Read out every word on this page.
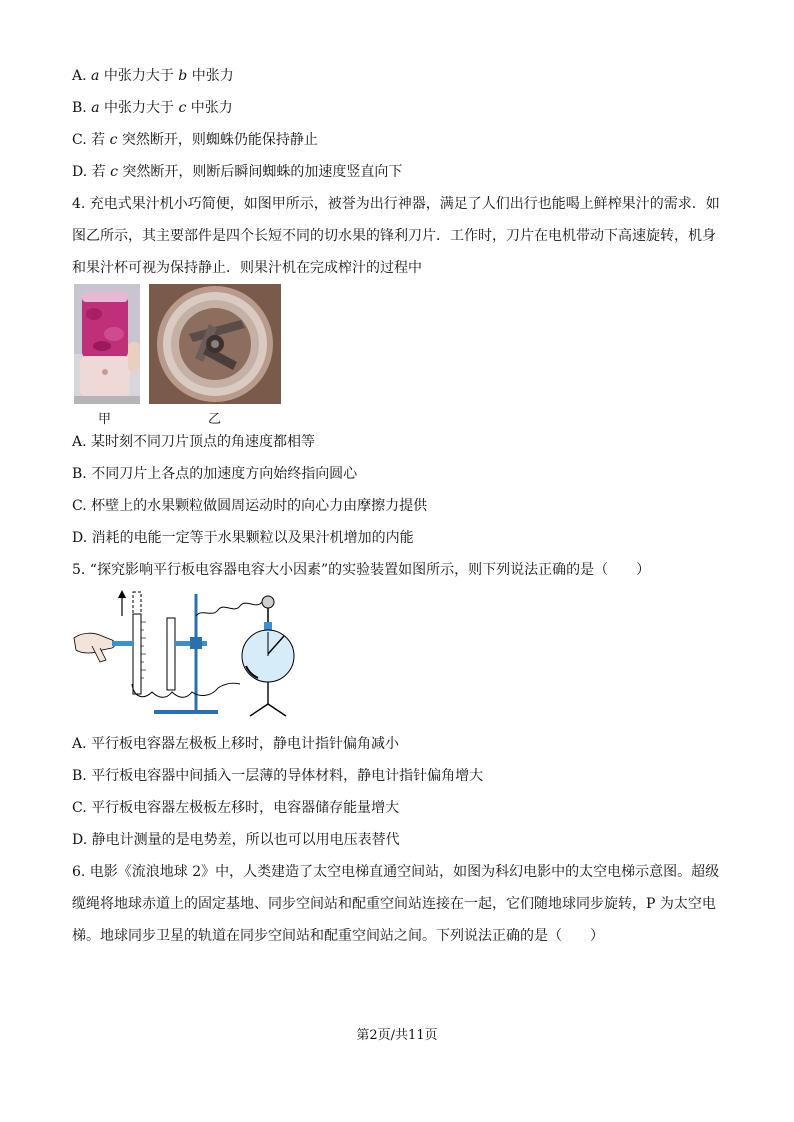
A. a 中张力大于 b 中张力
B. a 中张力大于 c 中张力
C. 若 c 突然断开，则蜘蛛仍能保持静止
D. 若 c 突然断开，则断后瞬间蜘蛛的加速度竖直向下
4. 充电式果汁机小巧简便，如图甲所示，被誉为出行神器，满足了人们出行也能喝上鲜榨果汁的需求．如
图乙所示，其主要部件是四个长短不同的切水果的锋利刀片．工作时，刀片在电机带动下高速旋转，机身
和果汁杯可视为保持静止．则果汁机在完成榨汁的过程中
甲	乙
A. 某时刻不同刀片顶点的角速度都相等
B. 不同刀片上各点的加速度方向始终指向圆心
C. 杯壁上的水果颗粒做圆周运动时的向心力由摩擦力提供
D. 消耗的电能一定等于水果颗粒以及果汁机增加的内能
5. “探究影响平行板电容器电容大小因素”的实验装置如图所示，则下列说法正确的是（　　）
A. 平行板电容器左极板上移时，静电计指针偏角减小
B. 平行板电容器中间插入一层薄的导体材料，静电计指针偏角增大
C. 平行板电容器左极板左移时，电容器储存能量增大
D. 静电计测量的是电势差，所以也可以用电压表替代
6. 电影《流浪地球 2》中，人类建造了太空电梯直通空间站，如图为科幻电影中的太空电梯示意图。超级
缆绳将地球赤道上的固定基地、同步空间站和配重空间站连接在一起，它们随地球同步旋转，P 为太空电
梯。地球同步卫星的轨道在同步空间站和配重空间站之间。下列说法正确的是（　　）
第2页/共11页
